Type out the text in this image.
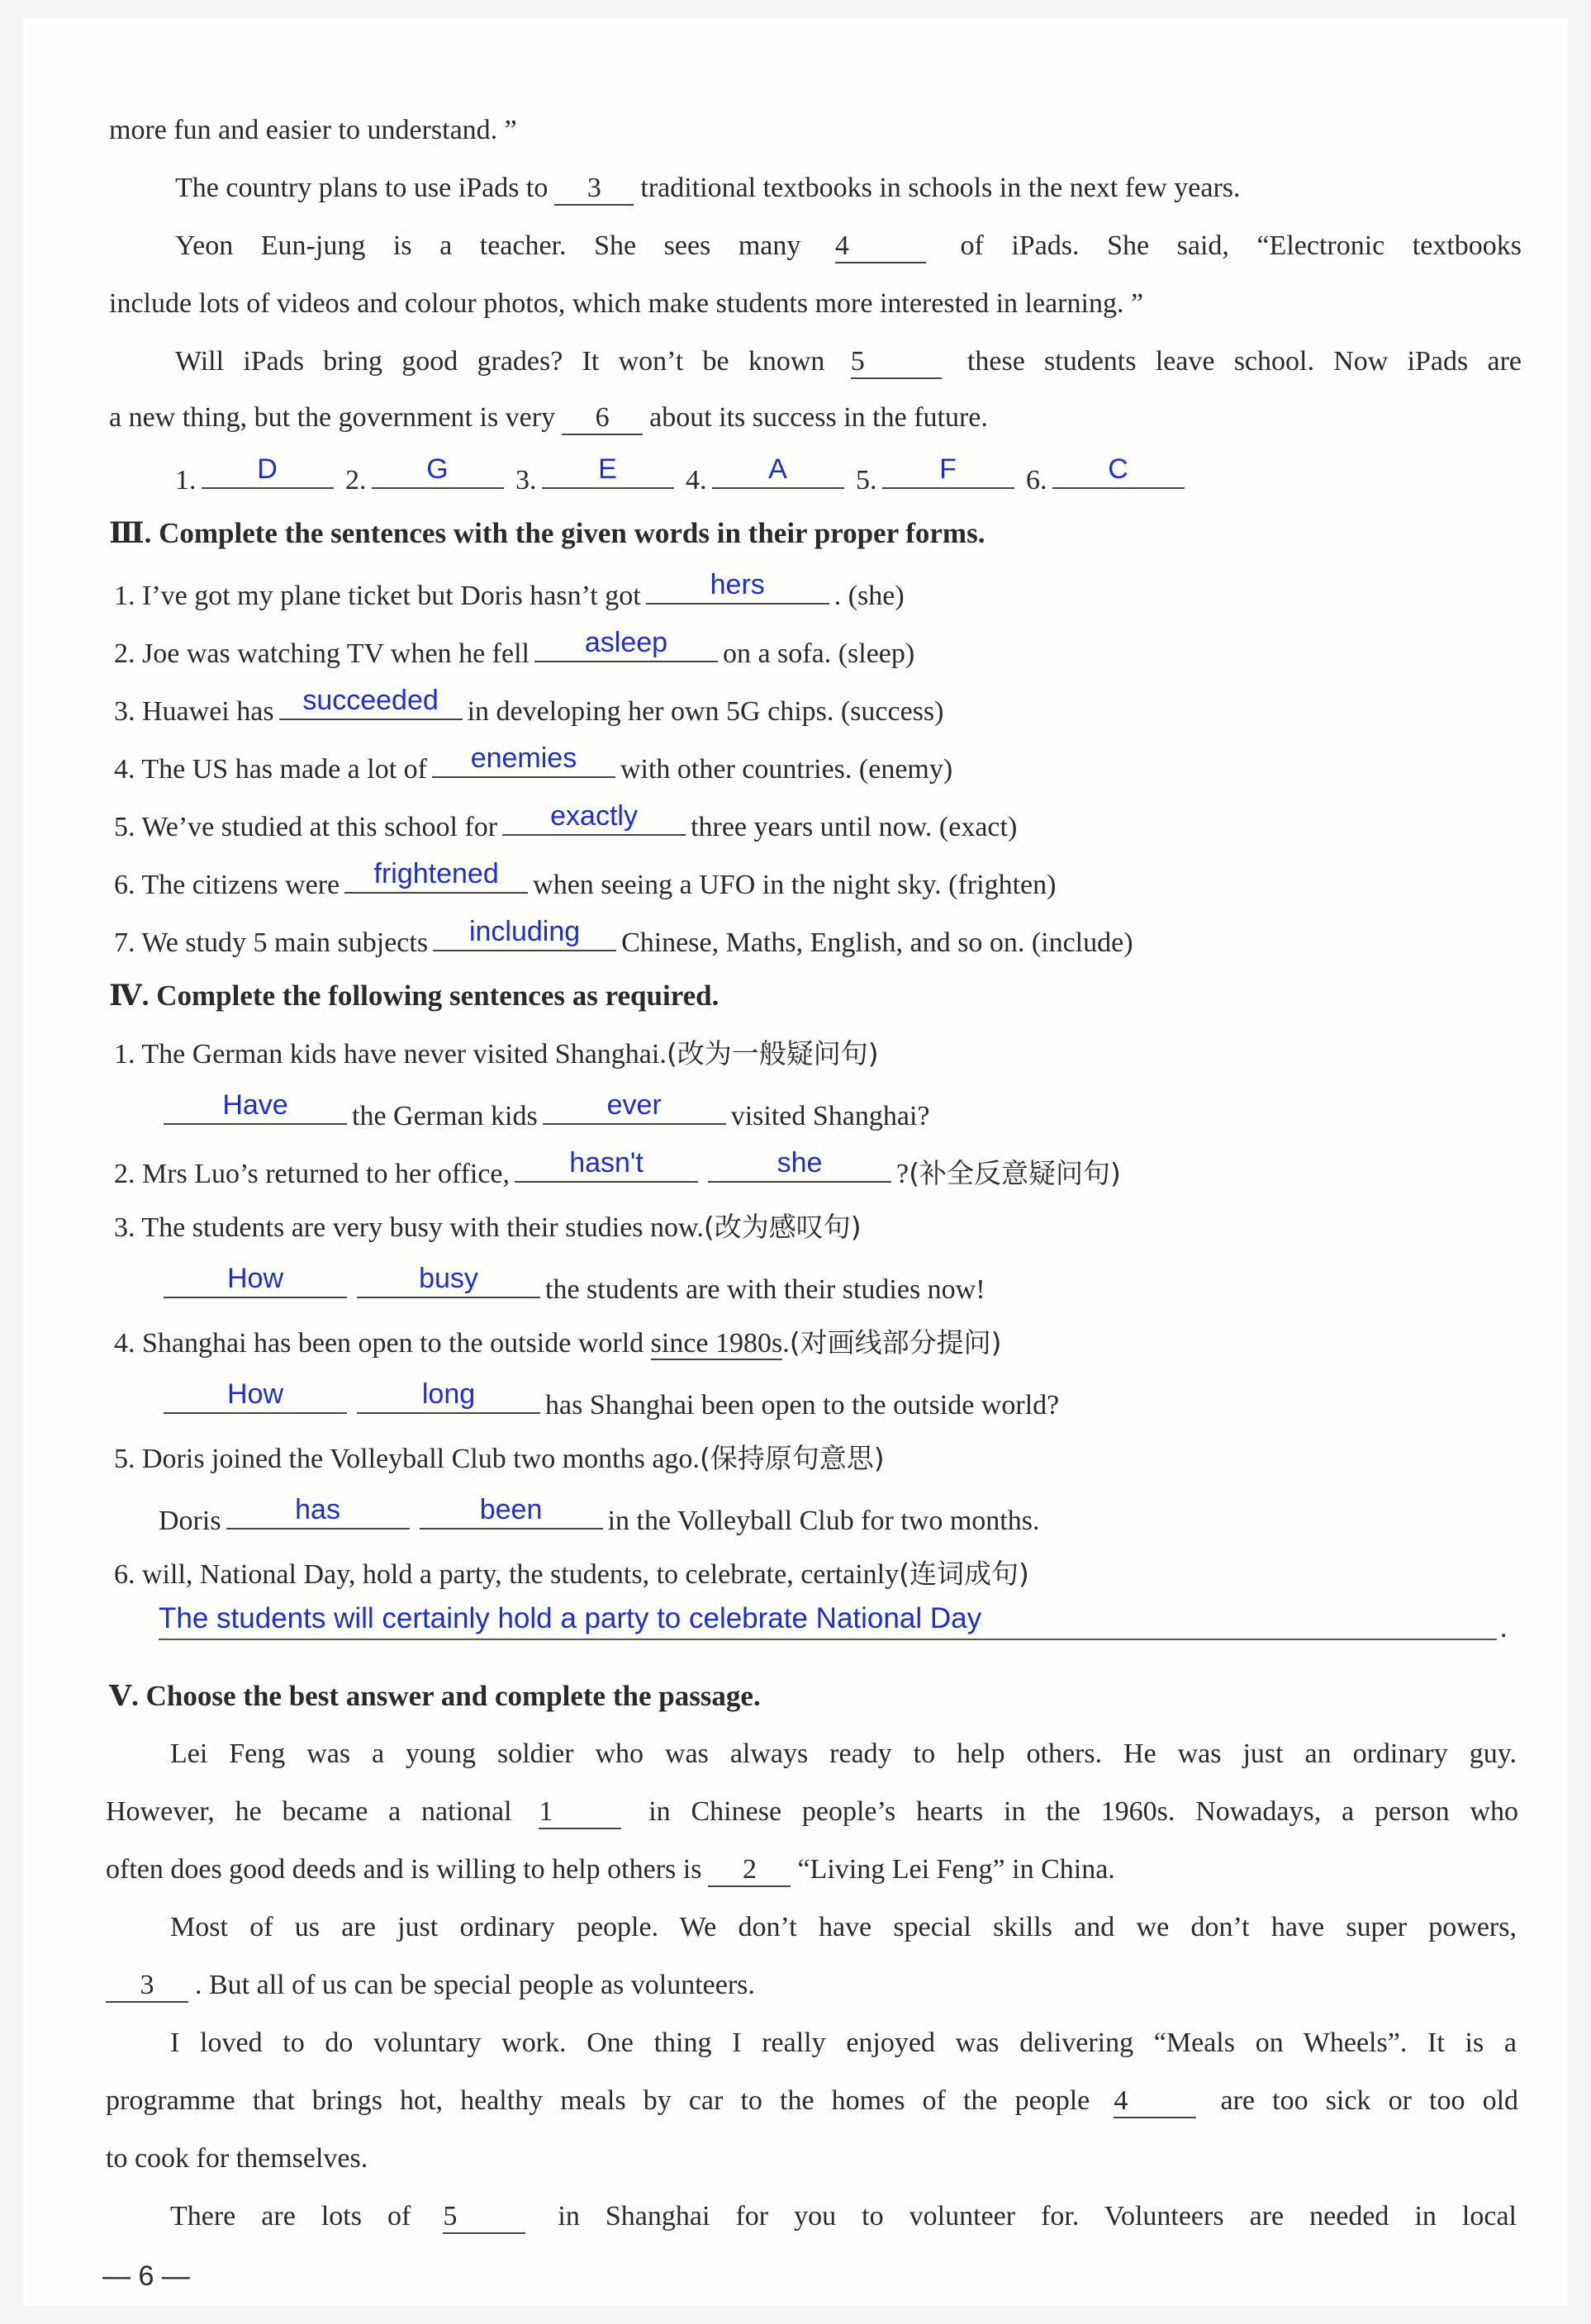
more fun and easier to understand. ”
The country plans to use iPads to 3 traditional textbooks in schools in the next few years.
Yeon Eun-jung is a teacher. She sees many 4	of iPads. She said, “Electronic textbooks
include lots of videos and colour photos, which make students more interested in learning. ”
Will iPads bring good grades? It won’t be known 5	these students leave school. Now iPads are
a new thing, but the government is very 6 about its success in the future.
1.	D	2.	G	3.	E	4.	A	5.	F	6.	C
Ⅲ. Complete the sentences with the given words in their proper forms.
1. I’ve got my plane ticket but Doris hasn’t got	hers	. (she)
2. Joe was watching TV when he fell	asleep	on a sofa. (sleep)
3. Huawei has	succeeded	in developing her own 5G chips. (success)
4. The US has made a lot of	enemies	with other countries. (enemy)
5. We’ve studied at this school for	exactly	three years until now. (exact)
6. The citizens were	frightened	when seeing a UFO in the night sky. (frighten)
7. We study 5 main subjects	including	Chinese, Maths, English, and so on. (include)
Ⅳ. Complete the following sentences as required.
1. The German kids have never visited Shanghai.(改为一般疑问句)
Have	the German kids	ever	visited Shanghai?
2. Mrs Luo’s returned to her office,	hasn't	she	?(补全反意疑问句)
3. The students are very busy with their studies now.(改为感叹句)
How	busy	the students are with their studies now!
4. Shanghai has been open to the outside world since 1980s.(对画线部分提问)
How	long	has Shanghai been open to the outside world?
5. Doris joined the Volleyball Club two months ago.(保持原句意思)
Doris	has	been	in the Volleyball Club for two months.
6. will, National Day, hold a party, the students, to celebrate, certainly(连词成句)
The students will certainly hold a party to celebrate National Day	.
Ⅴ. Choose the best answer and complete the passage.
Lei Feng was a young soldier who was always ready to help others. He was just an ordinary guy.
However, he became a national 1	in Chinese people’s hearts in the 1960s. Nowadays, a person who
often does good deeds and is willing to help others is 2 “Living Lei Feng” in China.
Most of us are just ordinary people. We don’t have special skills and we don’t have super powers,
3 . But all of us can be special people as volunteers.
I loved to do voluntary work. One thing I really enjoyed was delivering “Meals on Wheels”. It is a
programme that brings hot, healthy meals by car to the homes of the people 4	are too sick or too old
to cook for themselves.
There are lots of 5	in Shanghai for you to volunteer for. Volunteers are needed in local
— 6 —
